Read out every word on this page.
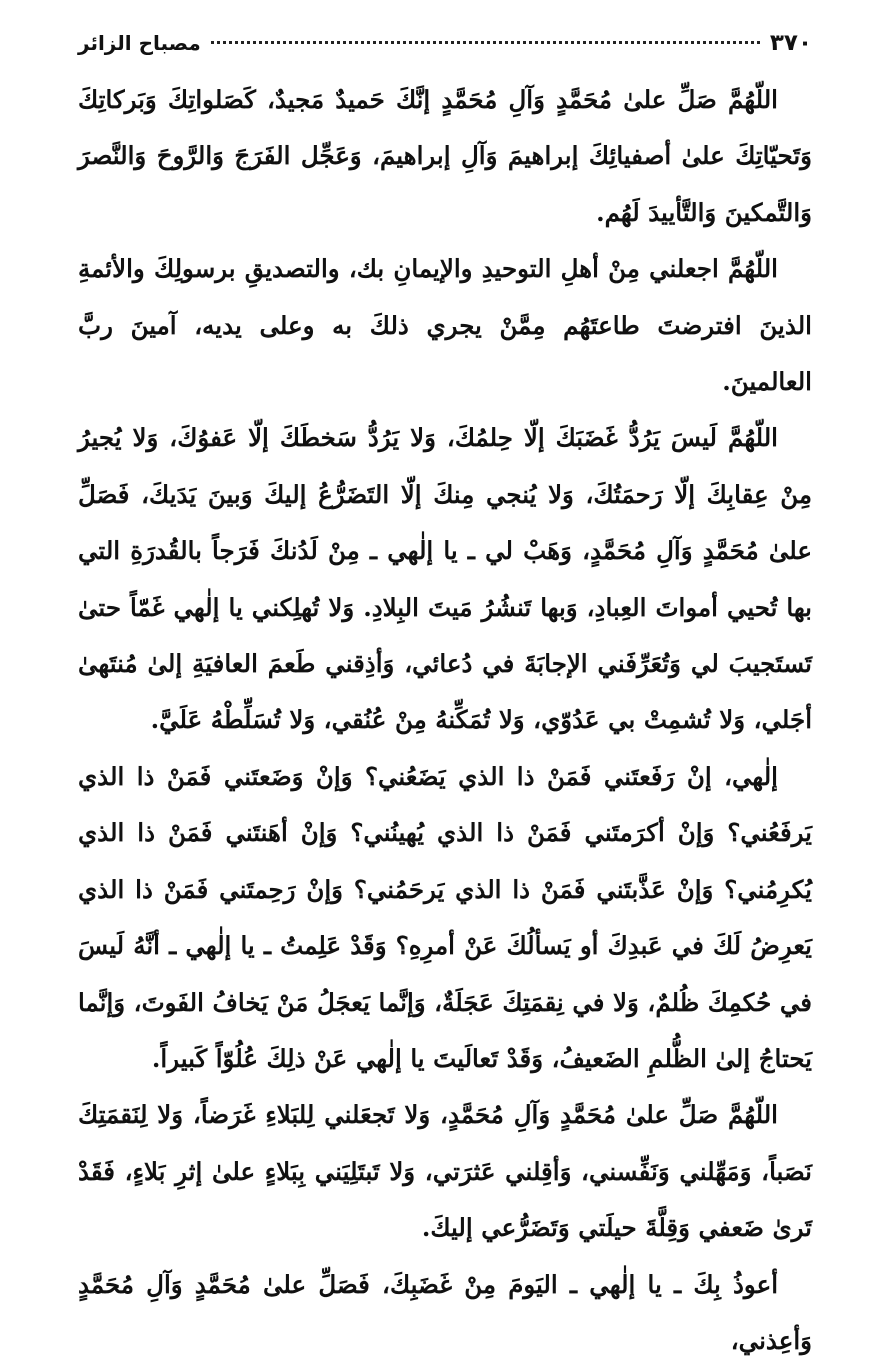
٣٧٠
مصباح الزائر

اللّهُمَّ صَلِّ علىٰ مُحَمَّدٍ وَآلِ مُحَمَّدٍ إنَّكَ حَميدٌ مَجيدٌ، كَصَلواتِكَ وَبَركاتِكَ وَتَحيّاتِكَ علىٰ أصفيائِكَ إبراهيمَ وَآلِ إبراهيمَ، وَعَجِّل الفَرَجَ وَالرَّوحَ وَالنَّصرَ وَالتَّمكينَ وَالتَّأييدَ لَهُم.

اللّهُمَّ اجعلني مِنْ أهلِ التوحيدِ والإيمانِ بك، والتصديقِ برسولِكَ والأئمةِ الذينَ افترضتَ طاعتَهُم مِمَّنْ يجري ذلكَ به وعلى يديه، آمينَ ربَّ العالمينَ.

اللّهُمَّ لَيسَ يَرُدُّ غَضَبَكَ إلّا حِلمُكَ، وَلا يَرُدُّ سَخطَكَ إلّا عَفوُكَ، وَلا يُجيرُ مِنْ عِقابِكَ إلّا رَحمَتُكَ، وَلا يُنجي مِنكَ إلّا التَضَرُّعُ إليكَ وَبينَ يَدَيكَ، فَصَلِّ علىٰ مُحَمَّدٍ وَآلِ مُحَمَّدٍ، وَهَبْ لي ـ يا إلٰهي ـ مِنْ لَدُنكَ فَرَجاً بالقُدرَةِ التي بها تُحيي أمواتَ العِبادِ، وَبها تَنشُرُ مَيتَ البِلادِ. وَلا تُهلِكني يا إلٰهي غَمّاً حتىٰ تَستَجيبَ لي وَتُعَرِّفَني الإجابَةَ في دُعائي، وَأذِقني طَعمَ العافيَةِ إلىٰ مُنتَهىٰ أجَلي، وَلا تُشمِتْ بي عَدُوّي، وَلا تُمَكِّنهُ مِنْ عُنُقي، وَلا تُسَلِّطْهُ عَلَيَّ.

إلٰهي، إنْ رَفَعتَني فَمَنْ ذا الذي يَضَعُني؟ وَإنْ وَضَعتَني فَمَنْ ذا الذي يَرفَعُني؟ وَإنْ أكرَمتَني فَمَنْ ذا الذي يُهينُني؟ وَإنْ أهَنتَني فَمَنْ ذا الذي يُكرِمُني؟ وَإنْ عَذَّبتَني فَمَنْ ذا الذي يَرحَمُني؟ وَإنْ رَحِمتَني فَمَنْ ذا الذي يَعرِضُ لَكَ في عَبدِكَ أو يَسألُكَ عَنْ أمرِهِ؟ وَقَدْ عَلِمتُ ـ يا إلٰهي ـ أنَّهُ لَيسَ في حُكمِكَ ظُلمٌ، وَلا في نِقمَتِكَ عَجَلَةٌ، وَإنَّما يَعجَلُ مَنْ يَخافُ الفَوتَ، وَإنَّما يَحتاجُ إلىٰ الظُّلمِ الضَعيفُ، وَقَدْ تَعالَيتَ يا إلٰهي عَنْ ذلِكَ عُلُوّاً كَبيراً.

اللّهُمَّ صَلِّ علىٰ مُحَمَّدٍ وَآلِ مُحَمَّدٍ، وَلا تَجعَلني لِلبَلاءِ غَرَضاً، وَلا لِنَقمَتِكَ نَصَباً، وَمَهِّلني وَنَفِّسني، وَأقِلني عَثرَتي، وَلا تَبتَلِيَني بِبَلاءٍ علىٰ إثرِ بَلاءٍ، فَقَدْ تَرىٰ ضَعفي وَقِلَّةَ حيلَتي وَتَضَرُّعي إليكَ.

أعوذُ بِكَ ـ يا إلٰهي ـ اليَومَ مِنْ غَضَبِكَ، فَصَلِّ علىٰ مُحَمَّدٍ وَآلِ مُحَمَّدٍ وَأعِذني،
